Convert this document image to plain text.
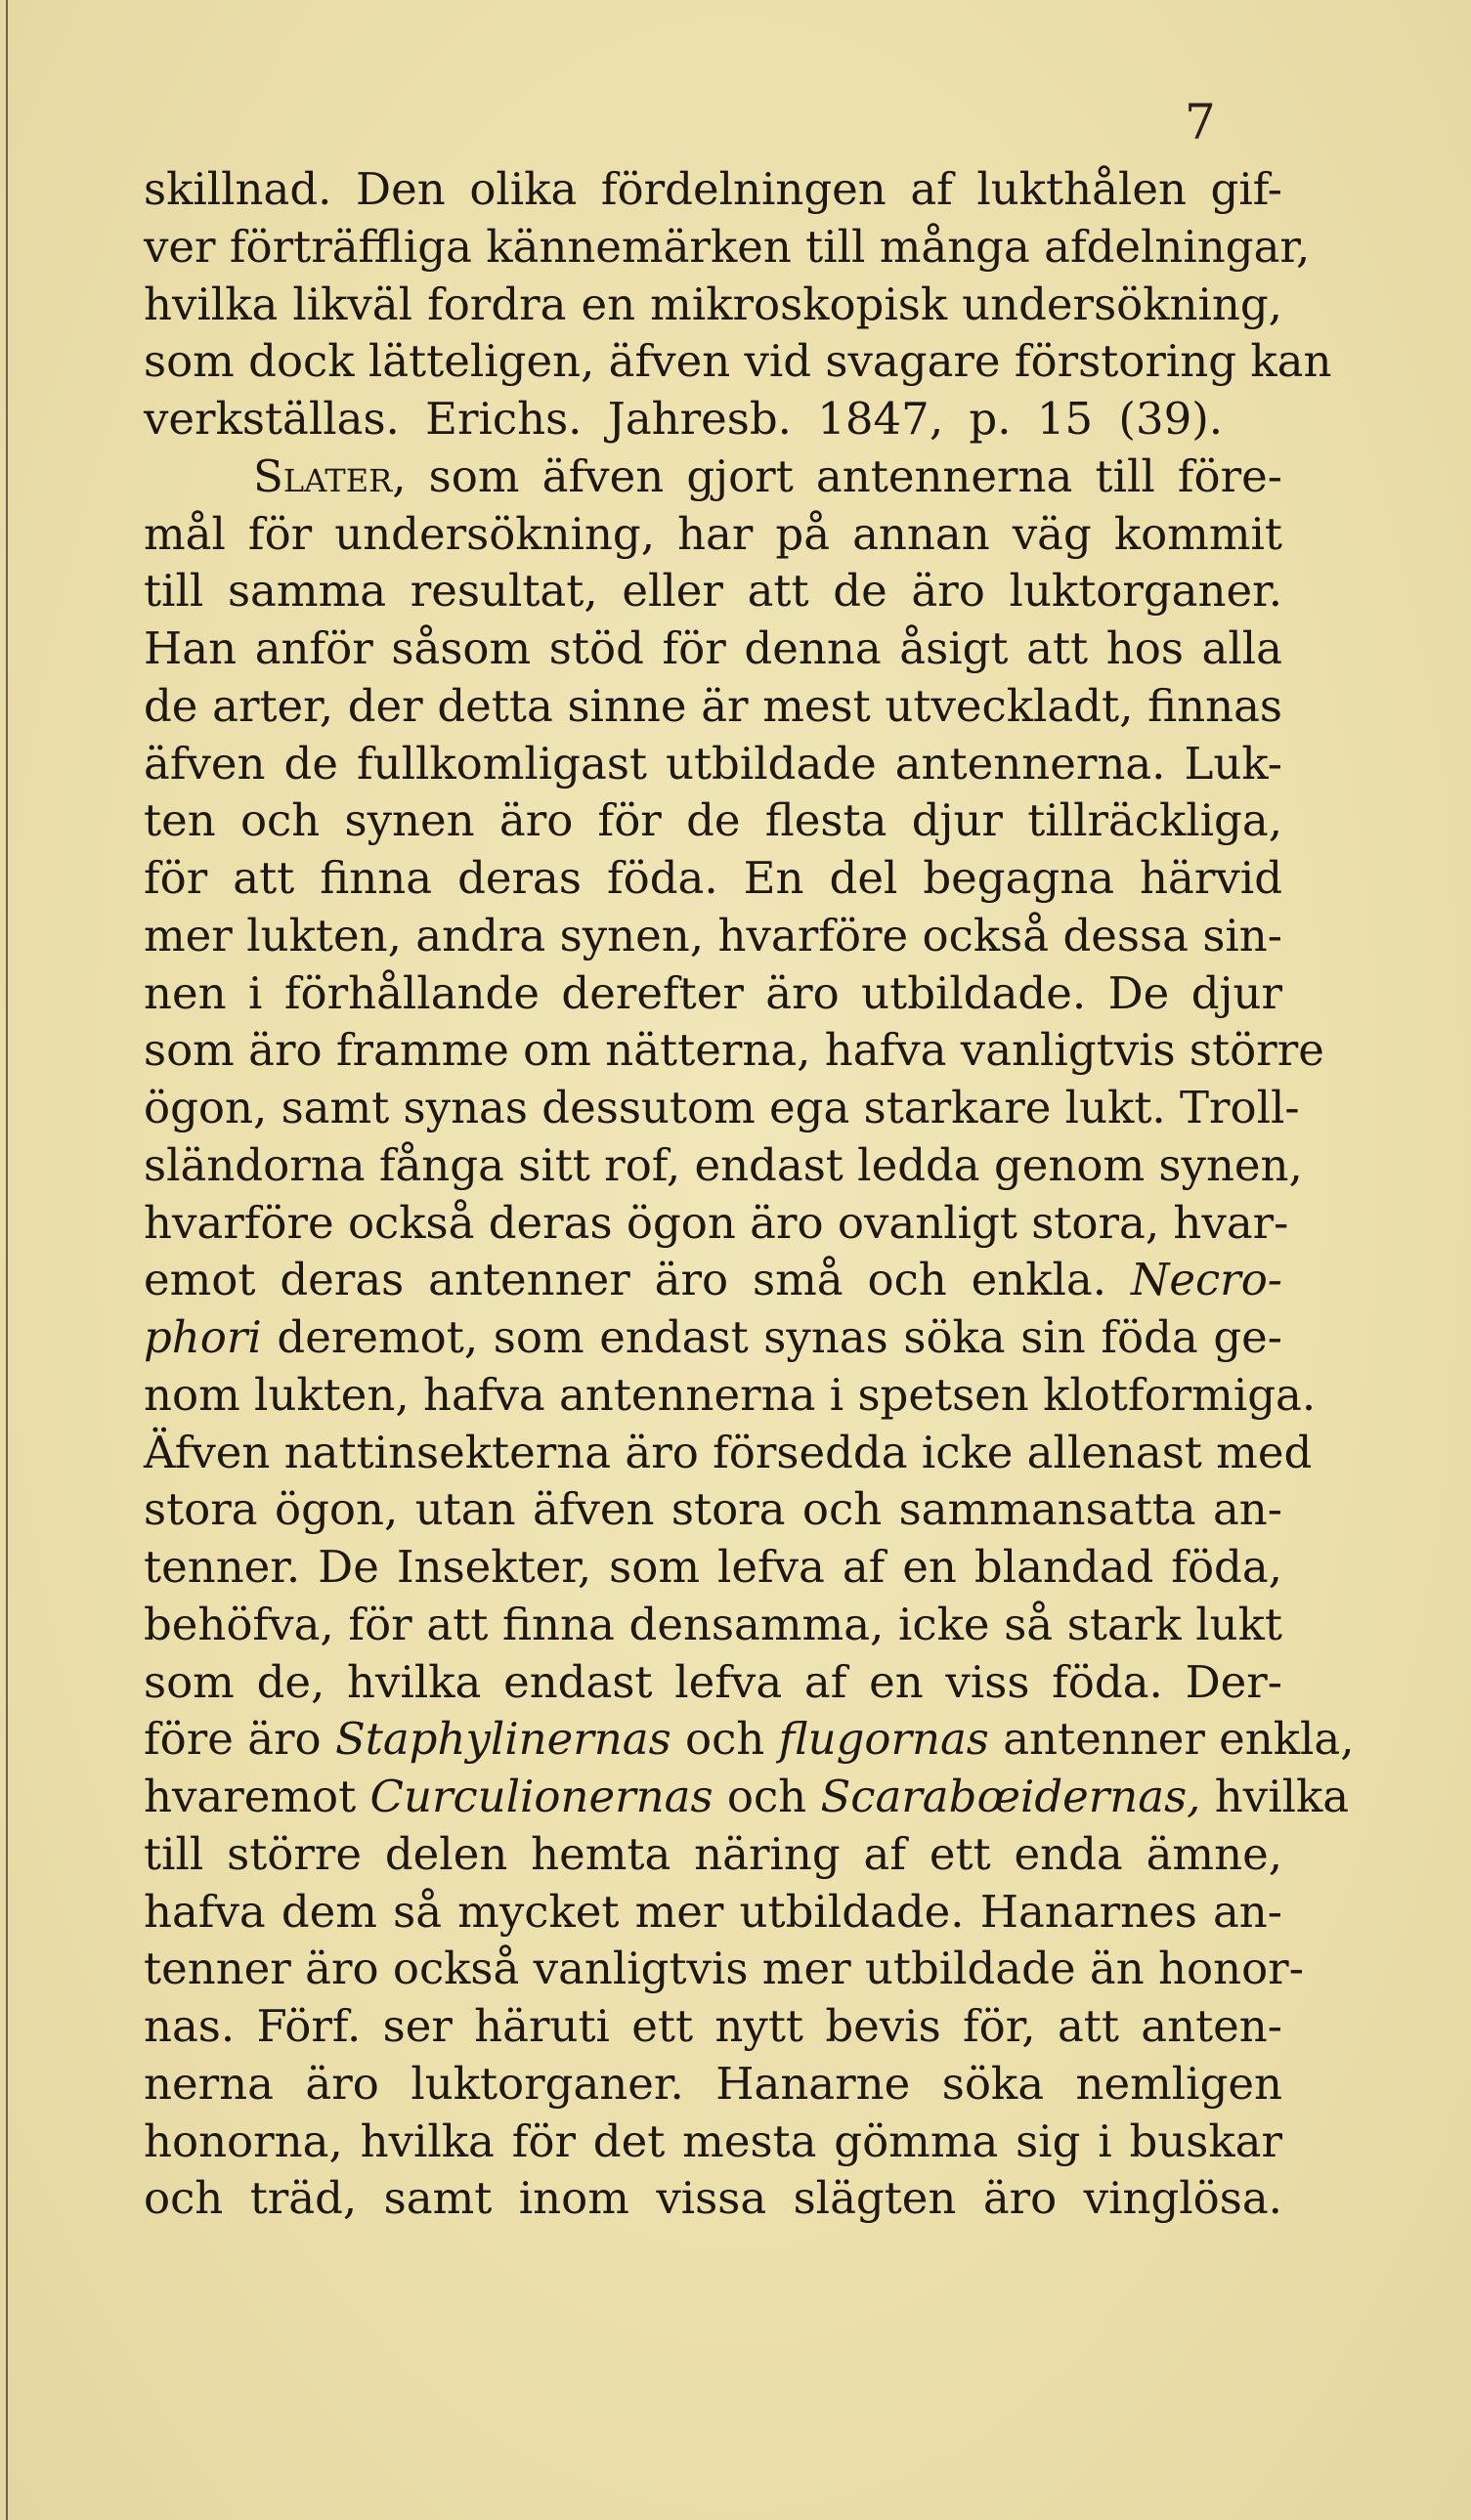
7
skillnad. Den olika fördelningen af lukthålen gif-
ver förträffliga kännemärken till många afdelningar,
hvilka likväl fordra en mikroskopisk undersökning,
som dock lätteligen, äfven vid svagare förstoring kan
verkställas. Erichs. Jahresb. 1847, p. 15 (39).
Slater, som äfven gjort antennerna till före-
mål för undersökning, har på annan väg kommit
till samma resultat, eller att de äro luktorganer.
Han anför såsom stöd för denna åsigt att hos alla
de arter, der detta sinne är mest utveckladt, finnas
äfven de fullkomligast utbildade antennerna. Luk-
ten och synen äro för de flesta djur tillräckliga,
för att finna deras föda. En del begagna härvid
mer lukten, andra synen, hvarföre också dessa sin-
nen i förhållande derefter äro utbildade. De djur
som äro framme om nätterna, hafva vanligtvis större
ögon, samt synas dessutom ega starkare lukt. Troll-
sländorna fånga sitt rof, endast ledda genom synen,
hvarföre också deras ögon äro ovanligt stora, hvar-
emot deras antenner äro små och enkla. Necro-
phori deremot, som endast synas söka sin föda ge-
nom lukten, hafva antennerna i spetsen klotformiga.
Äfven nattinsekterna äro försedda icke allenast med
stora ögon, utan äfven stora och sammansatta an-
tenner. De Insekter, som lefva af en blandad föda,
behöfva, för att finna densamma, icke så stark lukt
som de, hvilka endast lefva af en viss föda. Der-
före äro Staphylinernas och flugornas antenner enkla,
hvaremot Curculionernas och Scarabœidernas, hvilka
till större delen hemta näring af ett enda ämne,
hafva dem så mycket mer utbildade. Hanarnes an-
tenner äro också vanligtvis mer utbildade än honor-
nas. Förf. ser häruti ett nytt bevis för, att anten-
nerna äro luktorganer. Hanarne söka nemligen
honorna, hvilka för det mesta gömma sig i buskar
och träd, samt inom vissa slägten äro vinglösa.
